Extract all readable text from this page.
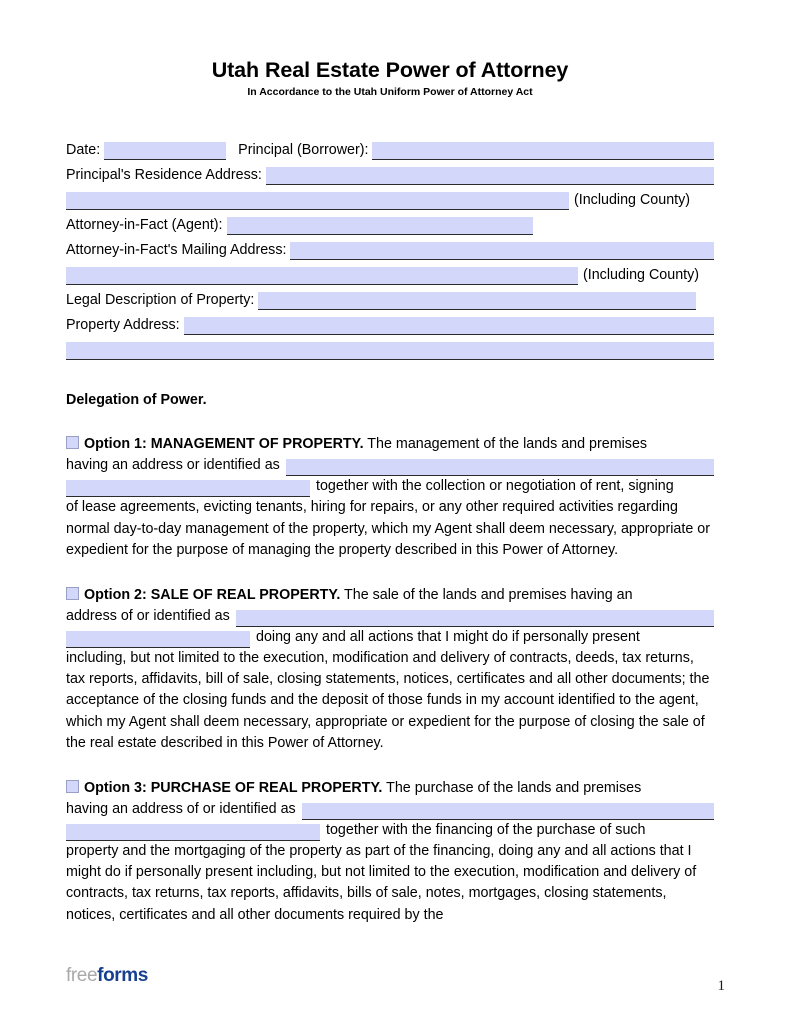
Utah Real Estate Power of Attorney
In Accordance to the Utah Uniform Power of Attorney Act
Date:	Principal (Borrower):
Principal's Residence Address:
(Including County)
Attorney-in-Fact (Agent):
Attorney-in-Fact's Mailing Address:
(Including County)
Legal Description of Property:
Property Address:
Delegation of Power.
Option 1: MANAGEMENT OF PROPERTY. The management of the lands and premises
having an address or identified as
together with the collection or negotiation of rent, signing

of lease agreements, evicting tenants, hiring for repairs, or any other required activities regarding normal day-to-day management of the property, which my Agent shall deem necessary, appropriate or expedient for the purpose of managing the property described in this Power of Attorney.

Option 2: SALE OF REAL PROPERTY. The sale of the lands and premises having an
address of or identified as
doing any and all actions that I might do if personally present

including, but not limited to the execution, modification and delivery of contracts, deeds, tax returns, tax reports, affidavits, bill of sale, closing statements, notices, certificates and all other documents; the acceptance of the closing funds and the deposit of those funds in my account identified to the agent, which my Agent shall deem necessary, appropriate or expedient for the purpose of closing the sale of the real estate described in this Power of Attorney.

Option 3: PURCHASE OF REAL PROPERTY. The purchase of the lands and premises
having an address of or identified as
together with the financing of the purchase of such

property and the mortgaging of the property as part of the financing, doing any and all actions that I might do if personally present including, but not limited to the execution, modification and delivery of contracts, tax returns, tax reports, affidavits, bills of sale, notes, mortgages, closing statements, notices, certificates and all other documents required by the

freeforms	1
